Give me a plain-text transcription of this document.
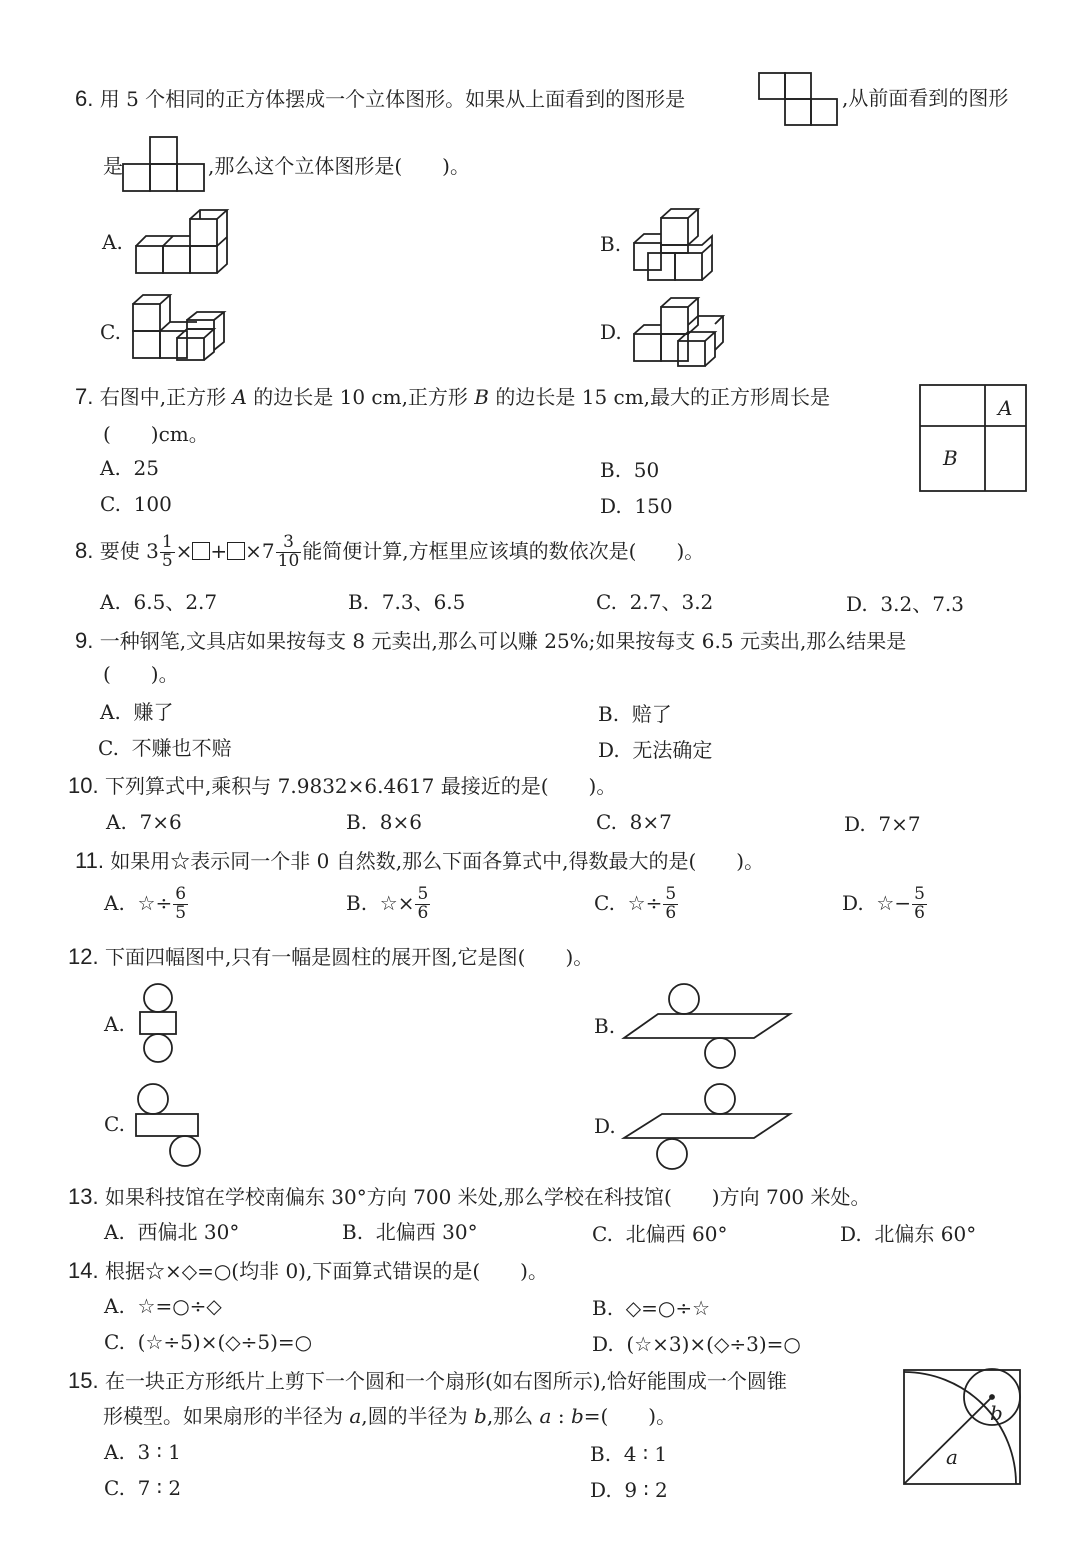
6. 用 5 个相同的正方体摆成一个立体图形。如果从上面看到的图形是	,从前面看到的图形
是	,那么这个立体图形是(　　)。
A.	B.
C.	D.
7. 右图中,正方形 A 的边长是 10 cm,正方形 B 的边长是 15 cm,最大的正方形周长是
(　　)cm。
A
B
A. 25	B. 50
C. 100	D. 150
8. 要使 $3 \frac{1}{5}$ × + $\times 7 \frac{3}{10}$ 能简便计算,方框里应该填的数依次是(　　)。
A. 6.5、2.7	B. 7.3、6.5	C. 2.7、3.2	D. 3.2、7.3
9. 一种钢笔,文具店如果按每支 8 元卖出,那么可以赚 25%;如果按每支 6.5 元卖出,那么结果是
(　　)。
A. 赚了	B. 赔了
C. 不赚也不赔	D. 无法确定
10. 下列算式中,乘积与 7.9832×6.4617 最接近的是(　　)。
A. 7×6	B. 8×6	C. 8×7	D. 7×7
11. 如果用☆表示同一个非 0 自然数,那么下面各算式中,得数最大的是(　　)。
A. ☆÷ $\frac{6}{5}$	B. ☆× $\frac{5}{6}$	C. ☆÷ $\frac{5}{6}$	D. ☆− $\frac{5}{6}$
12. 下面四幅图中,只有一幅是圆柱的展开图,它是图(　　)。
A.	B.
C.	D.
13. 如果科技馆在学校南偏东 30°方向 700 米处,那么学校在科技馆(　　)方向 700 米处。
A. 西偏北 30°	B. 北偏西 30°	C. 北偏西 60°	D. 北偏东 60°
14. 根据☆×◇=○(均非 0),下面算式错误的是(　　)。
A. ☆=○÷◇	B. ◇=○÷☆
C. (☆÷5)×(◇÷5)=○	D. (☆×3)×(◇÷3)=○
15. 在一块正方形纸片上剪下一个圆和一个扇形(如右图所示),恰好能围成一个圆锥
形模型。如果扇形的半径为 a,圆的半径为 b,那么 a : b=(　　)。	b
a
A. 3 ∶ 1	B. 4 ∶ 1
C. 7 ∶ 2	D. 9 ∶ 2
